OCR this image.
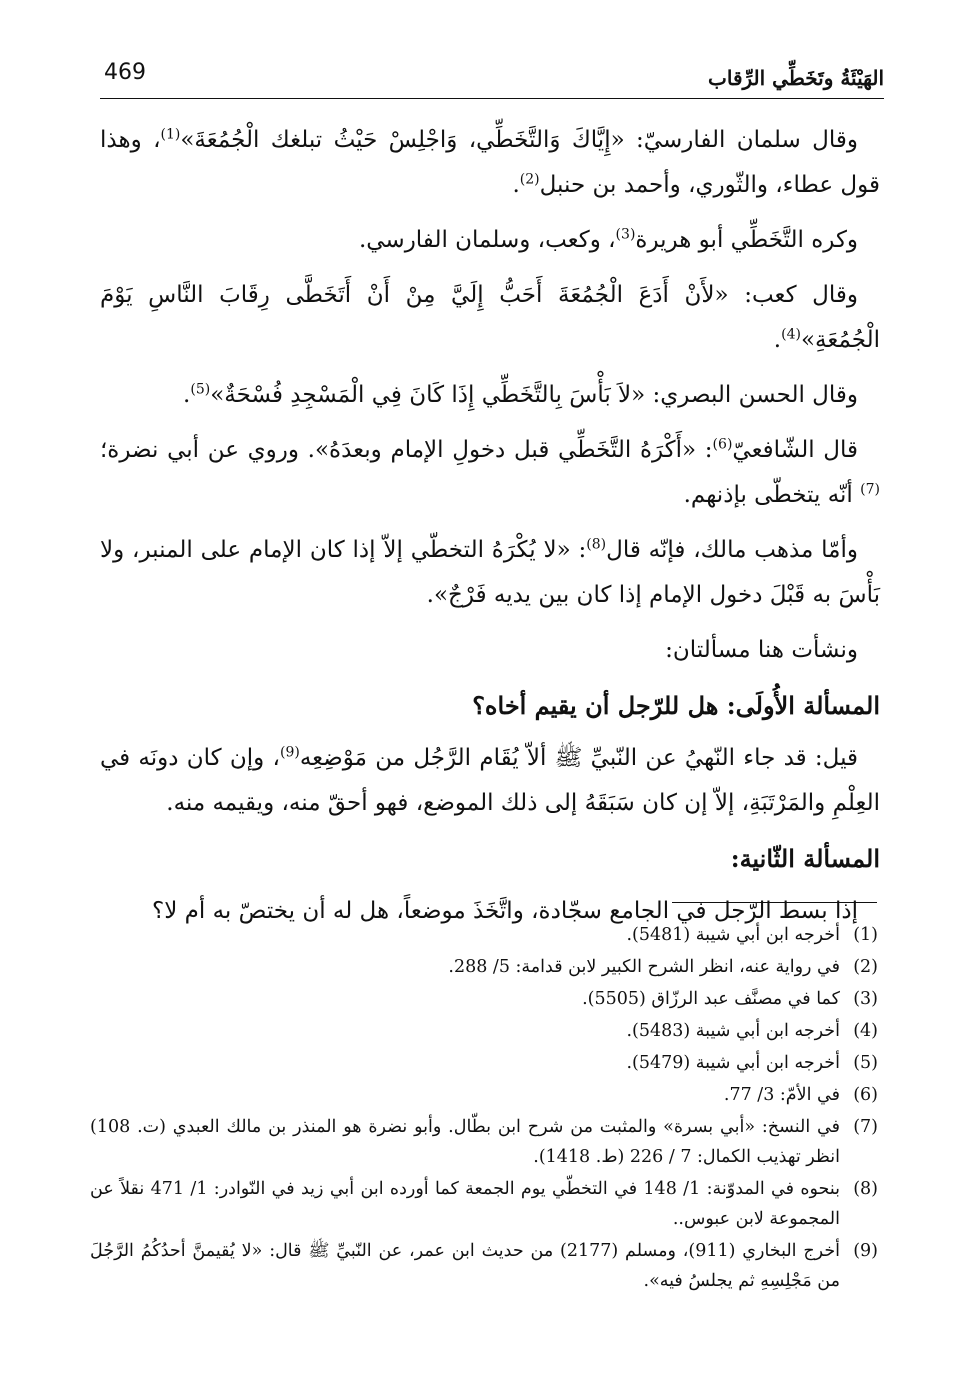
469	الهَيْئَةُ وتَخَطِّي الرِّقاب

وقال سلمان الفارسيّ: «إِيَّاكَ وَالتَّخَطِّي، وَاجْلِسْ حَيْثُ تبلغك الْجُمُعَةَ»$^{(1)}$، وهذا قول عطاء، والثّوري، وأحمد بن حنبل$^{(2)}$.

وكره التَّخَطِّي أبو هريرة$^{(3)}$، وكعب، وسلمان الفارسي.

وقال كعب: «لأَنْ أَدَعَ الْجُمُعَةَ أَحَبُّ إِلَيَّ مِنْ أَنْ أَتَخَطَّى رِقَابَ النَّاسِ يَوْمَ الْجُمُعَةِ»$^{(4)}$.

وقال الحسن البصري: «لاَ بَأْسَ بِالتَّخَطِّي إِذَا كَانَ فِي الْمَسْجِدِ فُسْحَةٌ»$^{(5)}$.

قال الشّافعيّ$^{(6)}$: «أَكْرَهُ التَّخَطِّي قبل دخولِ الإمام وبعدَهُ». وروي عن أبي نضرة؛$^{(7)}$ أنّه يتخطّى بإذنهم.

وأمّا مذهب مالك، فإنّه قال$^{(8)}$: «لا يُكْرَهُ التخطّي إلاّ إذا كان الإمام على المنبر، ولا بَأْسَ به قَبْلَ دخول الإمام إذا كان بين يديه فَرْجٌ».

ونشأت هنا مسألتان:

المسألة الأُولَى: هل للرّجل أن يقيم أخاه؟

قيل: قد جاء النّهيُ عن النّبيِّ ﷺ ألاّ يُقَام الرَّجُل من مَوْضِعِه$^{(9)}$، وإن كان دونَه في العِلْمِ والمَرْتَبَةِ، إلاّ إن كان سَبَقَهُ إلى ذلك الموضع، فهو أحقّ منه، ويقيمه منه.

المسألة الثّانية:

إذا بسط الرّجل في الجامع سجّادة، واتَّخَذَ موضعاً، هل له أن يختصّ به أم لا؟

(1)
أخرجه ابن أبي شيبة (5481).

(2)
في رواية عنه، انظر الشرح الكبير لابن قدامة: 5/ 288.

(3)
كما في مصنَّف عبد الرزّاق (5505).

(4)
أخرجه ابن أبي شيبة (5483).

(5)
أخرجه ابن أبي شيبة (5479).

(6)
في الأمّ: 3/ 77.

(7)
في النسخ: «أبي بسرة» والمثبت من شرح ابن بطّال. وأبو نضرة هو المنذر بن مالك العبدي (ت. 108) انظر تهذيب الكمال: 7 / 226 (ط. 1418).

(8)
بنحوه في المدوّنة: 1/ 148 في التخطّي يوم الجمعة كما أورده ابن أبي زيد في النّوادر: 1/ 471 نقلاً عن المجموعة لابن عبوس..

(9)
أخرج البخاري (911)، ومسلم (2177) من حديث ابن عمر، عن النّبيِّ ﷺ قال: «لا يُقيمنَّ أحدُكُمُ الرَّجُلَ من مَجْلِسِهِ ثم يجلسُ فيه».
